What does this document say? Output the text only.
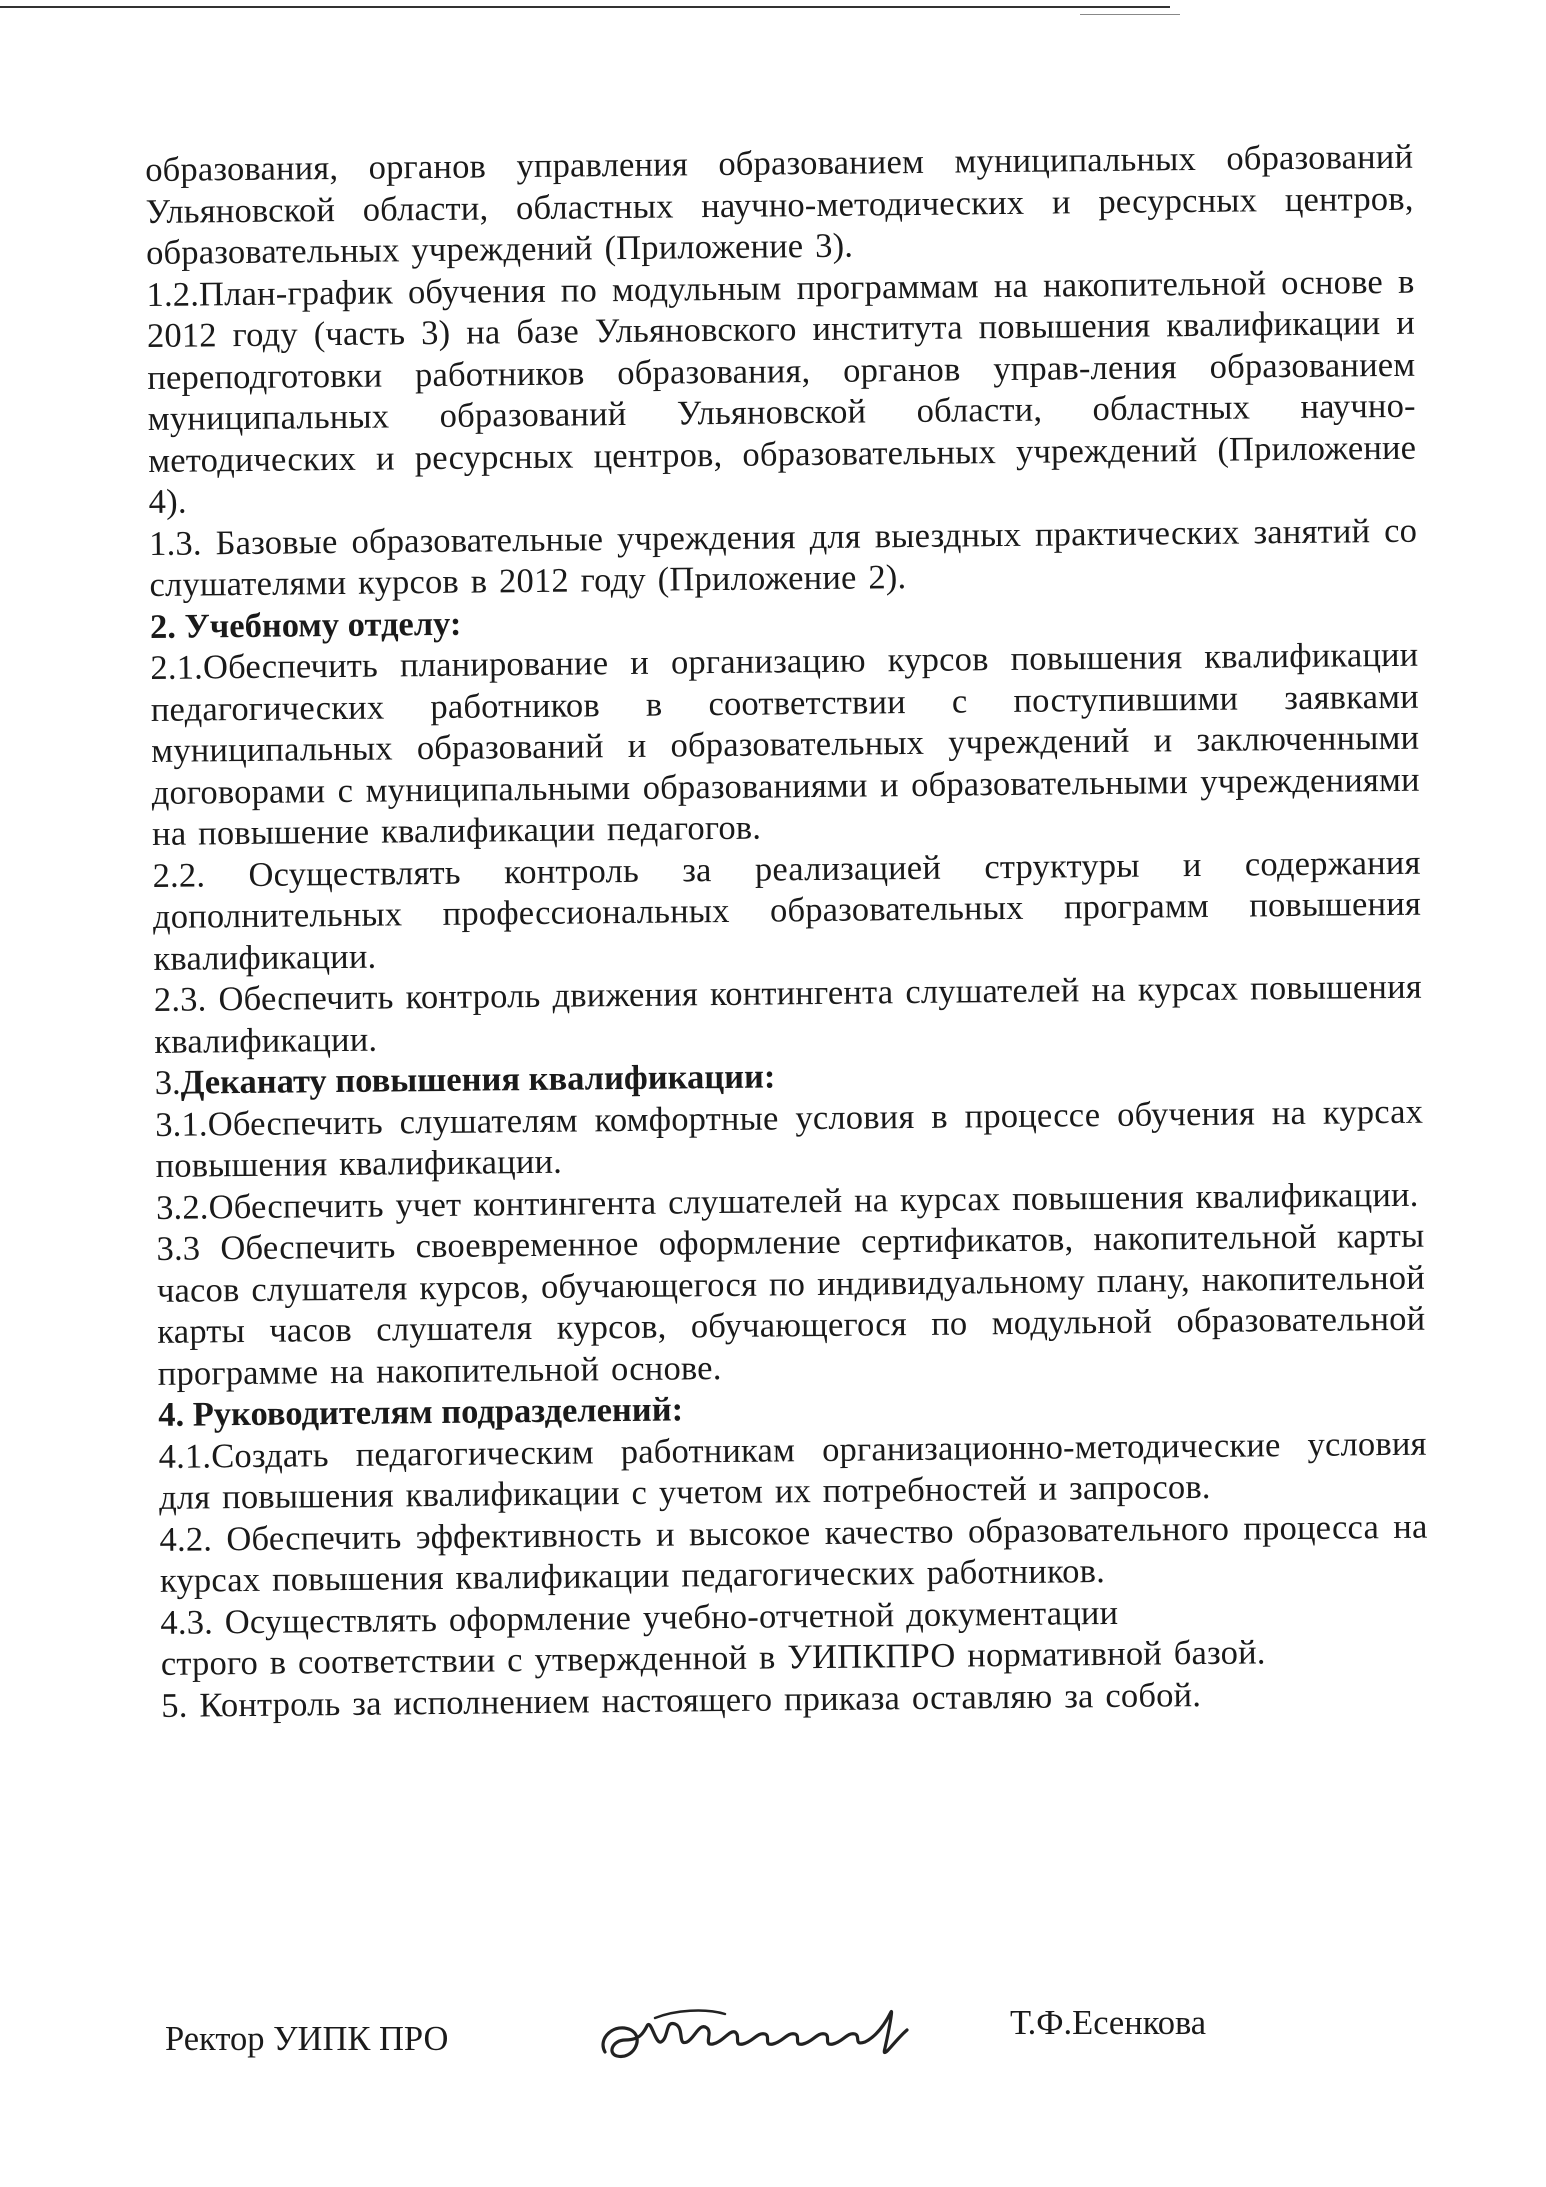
образования, органов управления образованием муниципальных образований Ульяновской области, областных научно-методических и ресурсных центров, образовательных учреждений (Приложение 3).

1.2.План-график обучения по модульным программам на накопительной основе в 2012 году (часть 3) на базе Ульяновского института повышения квалификации и переподготовки работников образования, органов управ-ления образованием муниципальных образований Ульяновской области, областных научно-методических и ресурсных центров, образовательных учреждений (Приложение 4).

1.3. Базовые образовательные учреждения для выездных практических занятий со слушателями курсов в 2012 году (Приложение 2).

2. Учебному отделу:

2.1.Обеспечить планирование и организацию курсов повышения квалификации педагогических работников в соответствии с поступившими заявками муниципальных образований и образовательных учреждений и заключенными договорами с муниципальными образованиями и образовательными учреждениями на повышение квалификации педагогов.

2.2. Осуществлять контроль за реализацией структуры и содержания дополнительных профессиональных образовательных программ повышения квалификации.

2.3. Обеспечить контроль движения контингента слушателей на курсах повышения квалификации.

3.Деканату повышения квалификации:

3.1.Обеспечить слушателям комфортные условия в процессе обучения на курсах повышения квалификации.

3.2.Обеспечить учет контингента слушателей на курсах повышения квалификации.

3.3 Обеспечить своевременное оформление сертификатов, накопительной карты часов слушателя курсов, обучающегося по индивидуальному плану, накопительной карты часов слушателя курсов, обучающегося по модульной образовательной программе на накопительной основе.

4. Руководителям подразделений:

4.1.Создать педагогическим работникам организационно-методические условия для повышения квалификации с учетом их потребностей и запросов.

4.2. Обеспечить эффективность и высокое качество образовательного процесса на курсах повышения квалификации педагогических работников.

4.3. Осуществлять оформление учебно-отчетной документации

строго в соответствии с утвержденной в УИПКПРО нормативной базой.

5. Контроль за исполнением настоящего приказа оставляю за собой.

Ректор УИПК ПРО	Т.Ф.Есенкова
